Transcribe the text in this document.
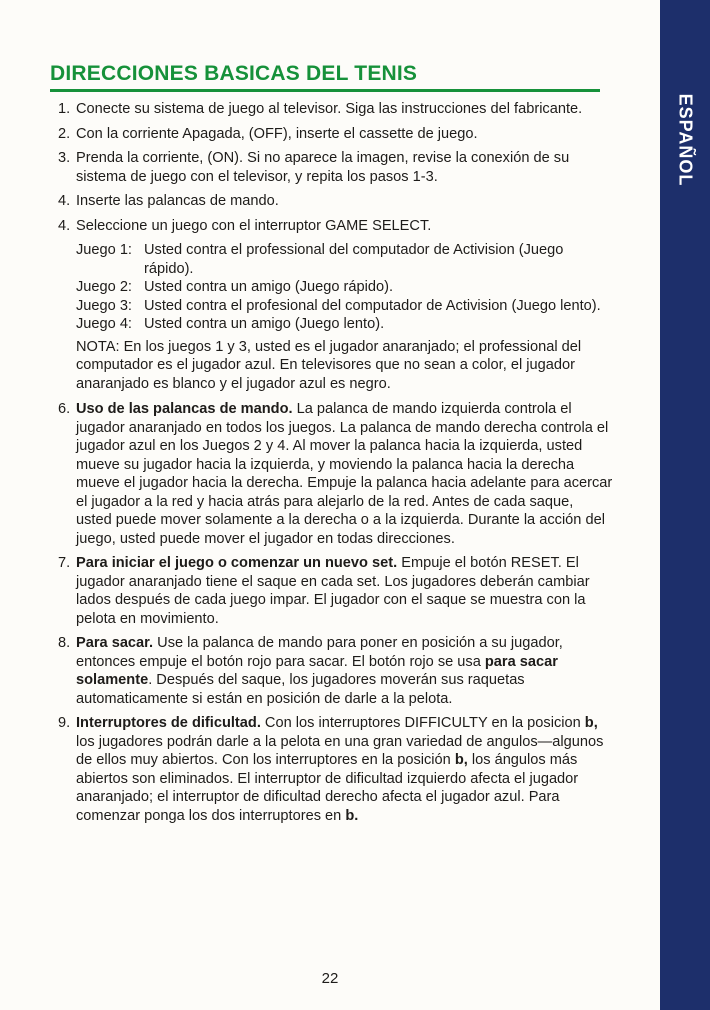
ESPAÑOL
DIRECCIONES BASICAS DEL TENIS
1. Conecte su sistema de juego al televisor. Siga las instrucciones del fabricante.
2. Con la corriente Apagada, (OFF), inserte el cassette de juego.
3. Prenda la corriente, (ON). Si no aparece la imagen, revise la conexión de su sistema de juego con el televisor, y repita los pasos 1-3.
4. Inserte las palancas de mando.
4. Seleccione un juego con el interruptor GAME SELECT.
Juego 1: Usted contra el professional del computador de Activision (Juego rápido).
Juego 2: Usted contra un amigo (Juego rápido).
Juego 3: Usted contra el profesional del computador de Activision (Juego lento).
Juego 4: Usted contra un amigo (Juego lento).
NOTA: En los juegos 1 y 3, usted es el jugador anaranjado; el professional del computador es el jugador azul. En televisores que no sean a color, el jugador anaranjado es blanco y el jugador azul es negro.
6. Uso de las palancas de mando. La palanca de mando izquierda controla el jugador anaranjado en todos los juegos. La palanca de mando derecha controla el jugador azul en los Juegos 2 y 4. Al mover la palanca hacia la izquierda, usted mueve su jugador hacia la izquierda, y moviendo la palanca hacia la derecha mueve el jugador hacia la derecha. Empuje la palanca hacia adelante para acercar el jugador a la red y hacia atrás para alejarlo de la red. Antes de cada saque, usted puede mover solamente a la derecha o a la izquierda. Durante la acción del juego, usted puede mover el jugador en todas direcciones.
7. Para iniciar el juego o comenzar un nuevo set. Empuje el botón RESET. El jugador anaranjado tiene el saque en cada set. Los jugadores deberán cambiar lados después de cada juego impar. El jugador con el saque se muestra con la pelota en movimiento.
8. Para sacar. Use la palanca de mando para poner en posición a su jugador, entonces empuje el botón rojo para sacar. El botón rojo se usa para sacar solamente. Después del saque, los jugadores moverán sus raquetas automaticamente si están en posición de darle a la pelota.
9. Interruptores de dificultad. Con los interruptores DIFFICULTY en la posicion b, los jugadores podrán darle a la pelota en una gran variedad de angulos—algunos de ellos muy abiertos. Con los interruptores en la posición b, los ángulos más abiertos son eliminados. El interruptor de dificultad izquierdo afecta el jugador anaranjado; el interruptor de dificultad derecho afecta el jugador azul. Para comenzar ponga los dos interruptores en b.
22
